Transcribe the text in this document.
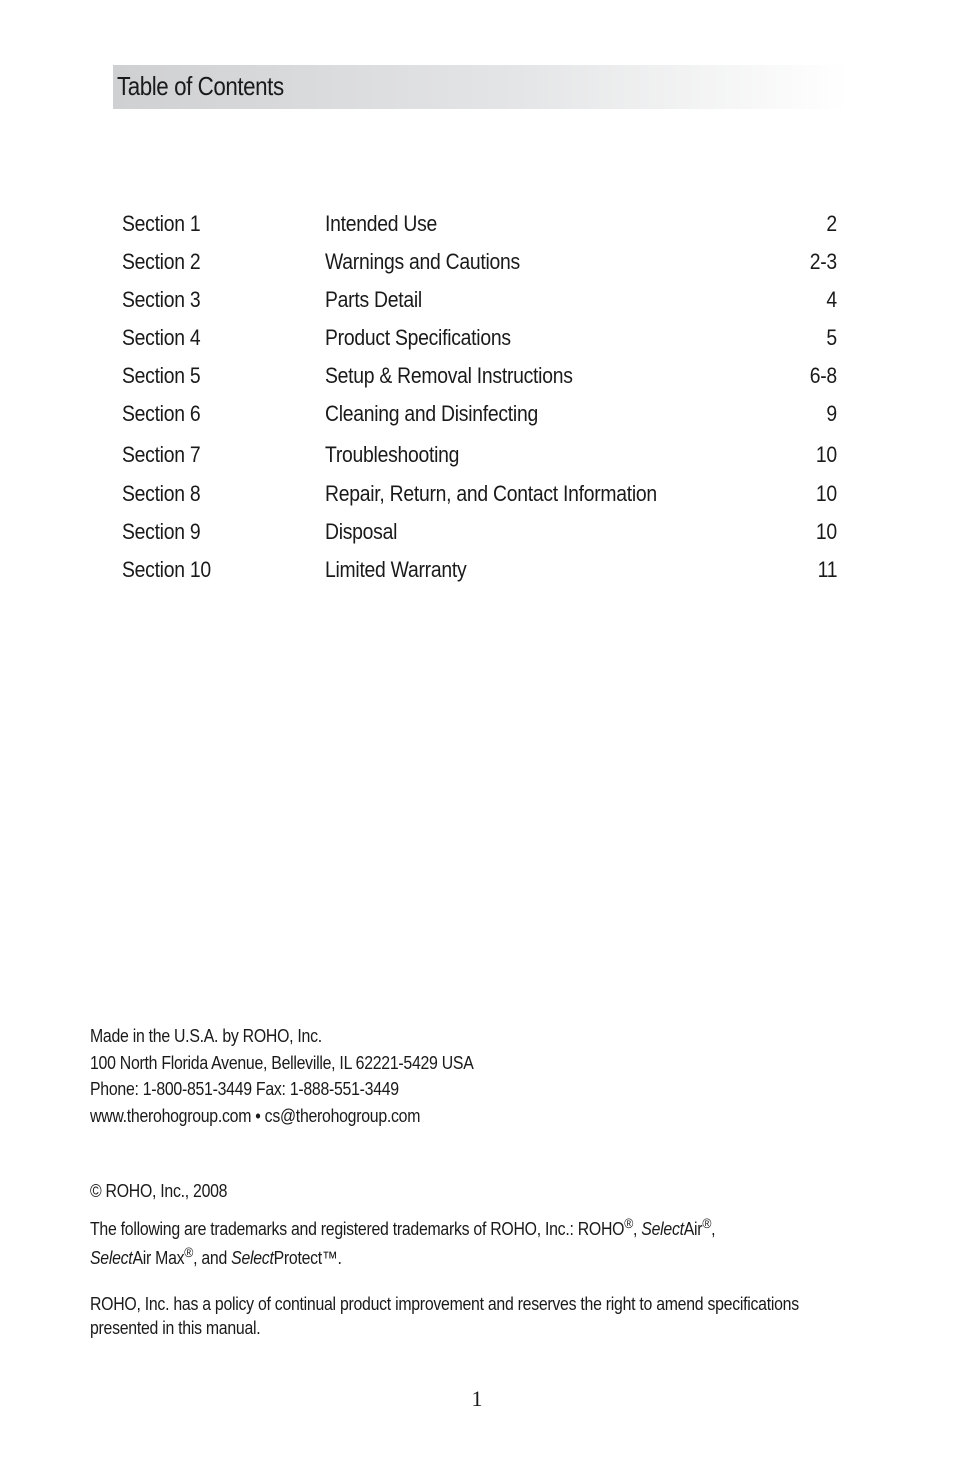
Table of Contents
Section 1	Intended Use	2
Section 2	Warnings and Cautions	2-3
Section 3	Parts Detail	4
Section 4	Product Specifications	5
Section 5	Setup & Removal Instructions	6-8
Section 6	Cleaning and Disinfecting	9
Section 7	Troubleshooting	10
Section 8	Repair, Return, and Contact Information	10
Section 9	Disposal	10
Section 10	Limited Warranty	11
Made in the U.S.A. by ROHO, Inc.
100 North Florida Avenue, Belleville, IL 62221-5429 USA
Phone: 1-800-851-3449 Fax: 1-888-551-3449
www.therohogroup.com • cs@therohogroup.com
© ROHO, Inc., 2008
The following are trademarks and registered trademarks of ROHO, Inc.: ROHO®, SelectAir®,
SelectAir Max®, and SelectProtect™.
ROHO, Inc. has a policy of continual product improvement and reserves the right to amend specifications
presented in this manual.
1
